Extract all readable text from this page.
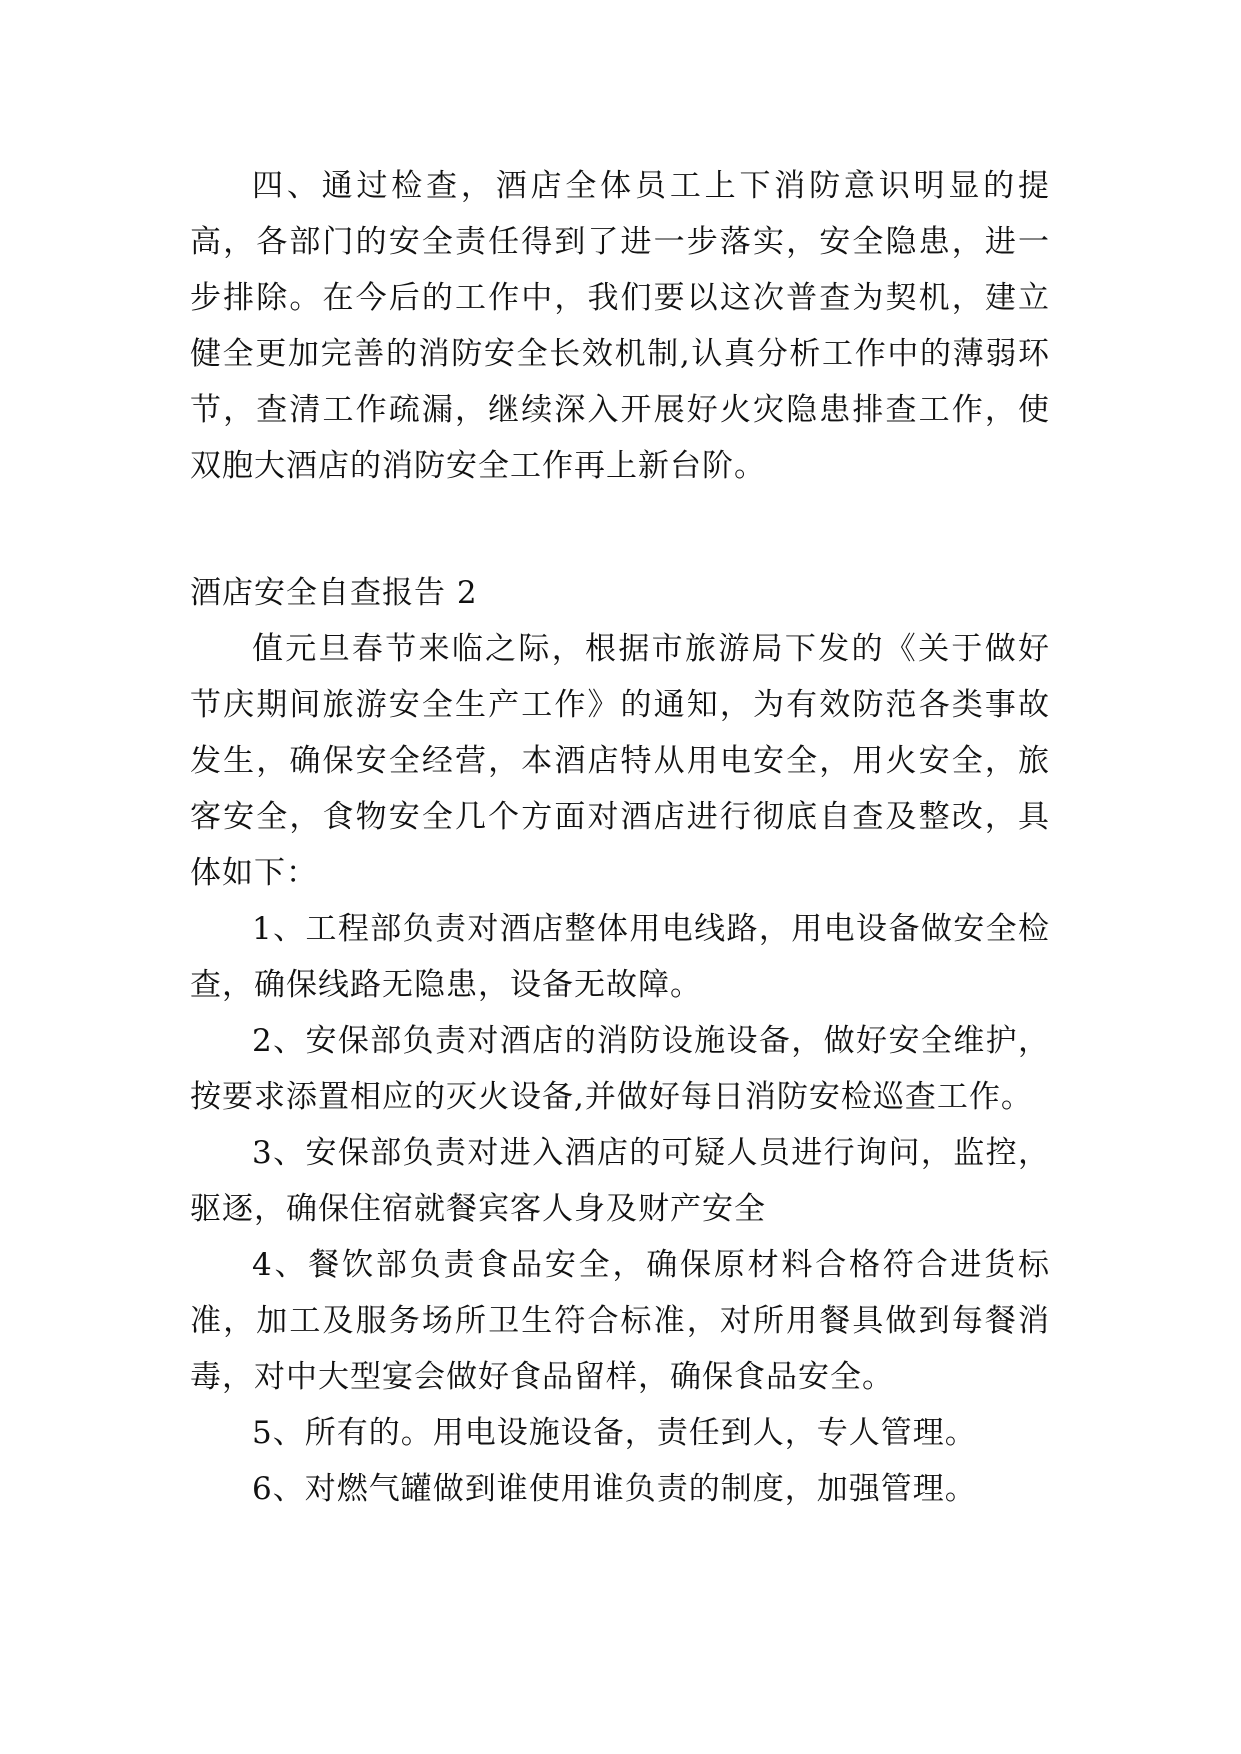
四、通过检查，酒店全体员工上下消防意识明显的提高，各部门的安全责任得到了进一步落实，安全隐患，进一步排除。在今后的工作中，我们要以这次普查为契机，建立健全更加完善的消防安全长效机制,认真分析工作中的薄弱环节，查清工作疏漏，继续深入开展好火灾隐患排查工作，使双胞大酒店的消防安全工作再上新台阶。

酒店安全自查报告 2

值元旦春节来临之际，根据市旅游局下发的《关于做好节庆期间旅游安全生产工作》的通知，为有效防范各类事故发生，确保安全经营，本酒店特从用电安全，用火安全，旅客安全，食物安全几个方面对酒店进行彻底自查及整改，具体如下：

1、工程部负责对酒店整体用电线路，用电设备做安全检查，确保线路无隐患，设备无故障。

2、安保部负责对酒店的消防设施设备，做好安全维护，按要求添置相应的灭火设备,并做好每日消防安检巡查工作。

3、安保部负责对进入酒店的可疑人员进行询问，监控，驱逐，确保住宿就餐宾客人身及财产安全

4、餐饮部负责食品安全，确保原材料合格符合进货标准，加工及服务场所卫生符合标准，对所用餐具做到每餐消毒，对中大型宴会做好食品留样，确保食品安全。

5、所有的。用电设施设备，责任到人，专人管理。

6、对燃气罐做到谁使用谁负责的制度，加强管理。
